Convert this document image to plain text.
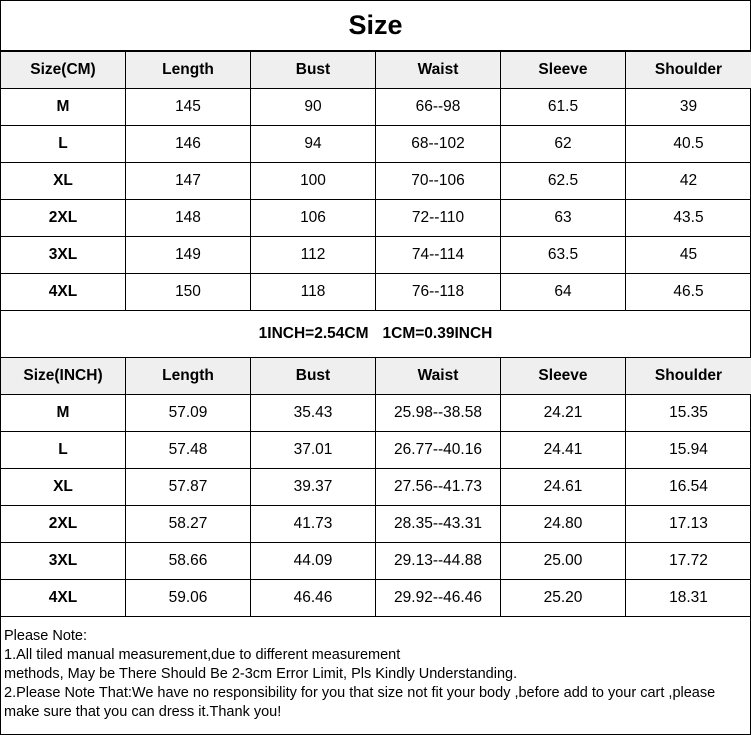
Size
Size(CM)	Length	Bust	Waist	Sleeve	Shoulder
M	145	90	66--98	61.5	39
L	146	94	68--102	62	40.5
XL	147	100	70--106	62.5	42
2XL	148	106	72--110	63	43.5
3XL	149	112	74--114	63.5	45
4XL	150	118	76--118	64	46.5
1INCH=2.54CM 1CM=0.39INCH
Size(INCH)	Length	Bust	Waist	Sleeve	Shoulder
M	57.09	35.43	25.98--38.58	24.21	15.35
L	57.48	37.01	26.77--40.16	24.41	15.94
XL	57.87	39.37	27.56--41.73	24.61	16.54
2XL	58.27	41.73	28.35--43.31	24.80	17.13
3XL	58.66	44.09	29.13--44.88	25.00	17.72
4XL	59.06	46.46	29.92--46.46	25.20	18.31
Please Note:
1.All tiled manual measurement,due to different measurement
methods, May be There Should Be 2-3cm Error Limit, Pls Kindly Understanding.
2.Please Note That:We have no responsibility for you that size not fit your body ,before add to your cart ,please
make sure that you can dress it.Thank you!
